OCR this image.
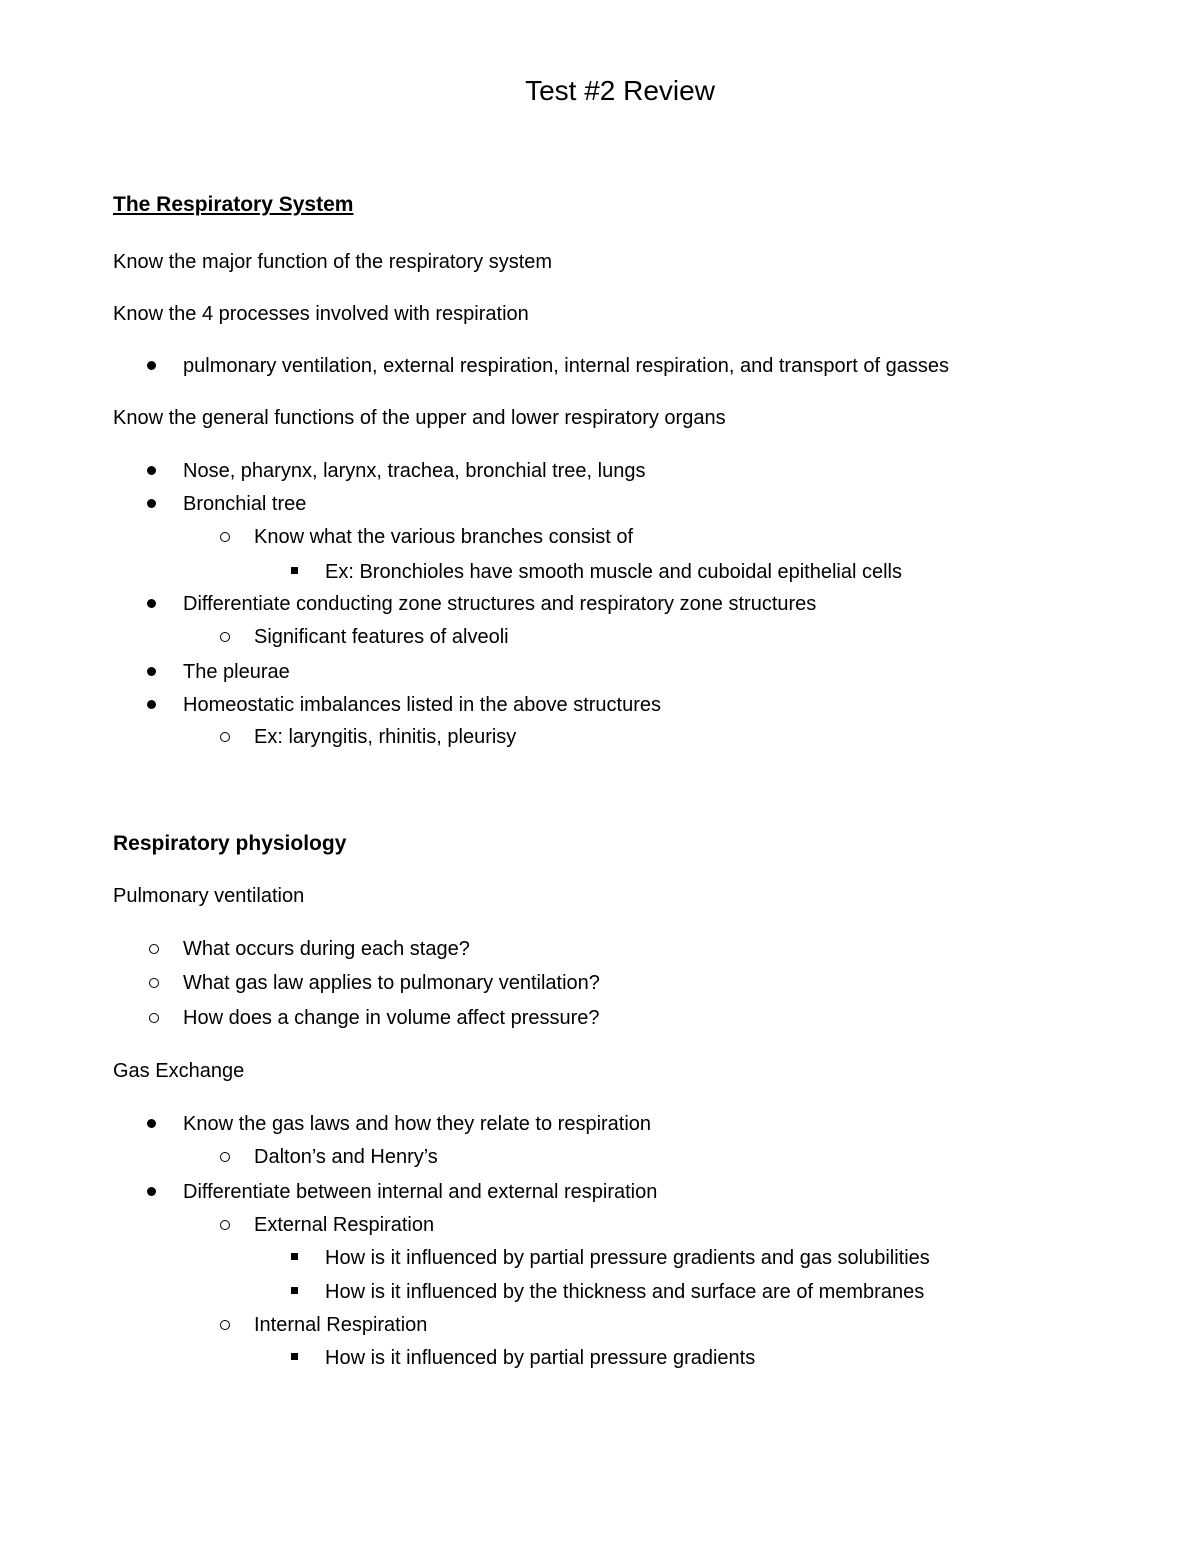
Test #2 Review
The Respiratory System
Know the major function of the respiratory system
Know the 4 processes involved with respiration
pulmonary ventilation, external respiration, internal respiration, and transport of gasses
Know the general functions of the upper and lower respiratory organs
Nose, pharynx, larynx, trachea, bronchial tree, lungs
Bronchial tree
Know what the various branches consist of
Ex: Bronchioles have smooth muscle and cuboidal epithelial cells
Differentiate conducting zone structures and respiratory zone structures
Significant features of alveoli
The pleurae
Homeostatic imbalances listed in the above structures
Ex: laryngitis, rhinitis, pleurisy
Respiratory physiology
Pulmonary ventilation
What occurs during each stage?
What gas law applies to pulmonary ventilation?
How does a change in volume affect pressure?
Gas Exchange
Know the gas laws and how they relate to respiration
Dalton’s and Henry’s
Differentiate between internal and external respiration
External Respiration
How is it influenced by partial pressure gradients and gas solubilities
How is it influenced by the thickness and surface are of membranes
Internal Respiration
How is it influenced by partial pressure gradients
